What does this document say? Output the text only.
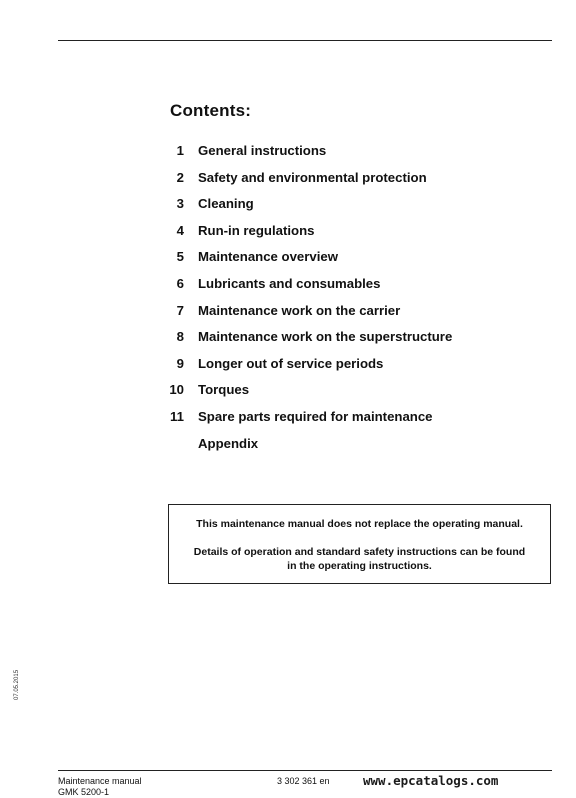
Contents:
1 General instructions
2 Safety and environmental protection
3 Cleaning
4 Run-in regulations
5 Maintenance overview
6 Lubricants and consumables
7 Maintenance work on the carrier
8 Maintenance work on the superstructure
9 Longer out of service periods
10 Torques
11 Spare parts required for maintenance
Appendix

This maintenance manual does not replace the operating manual.

Details of operation and standard safety instructions can be found in the operating instructions.

07.05.2015
Maintenance manual
GMK 5200-1
3 302 361 en	www.epcatalogs.com
